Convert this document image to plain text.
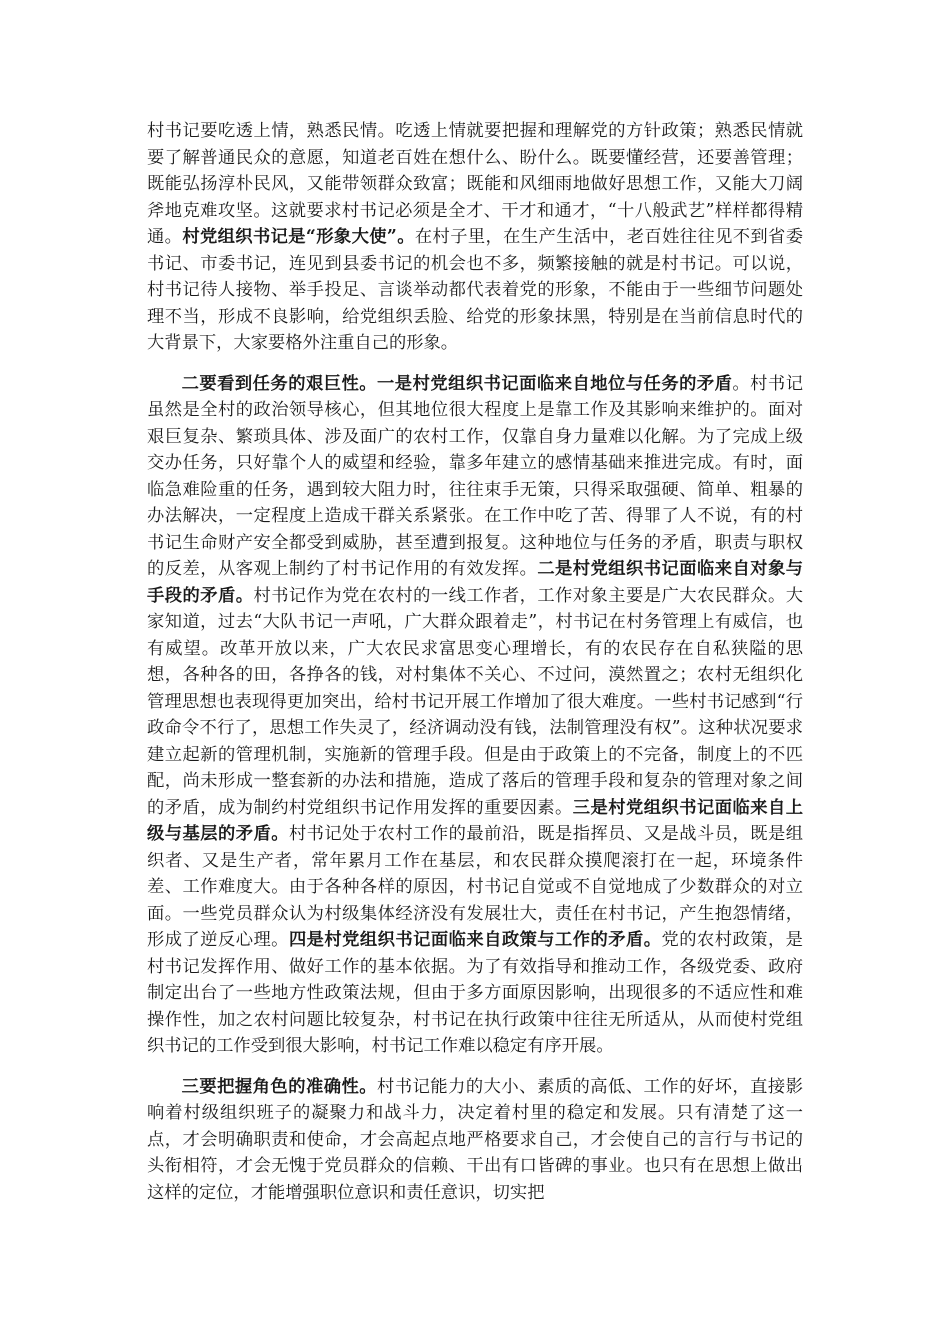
村书记要吃透上情，熟悉民情。吃透上情就要把握和理解党的方针政策；熟悉民情就要了解普通民众的意愿，知道老百姓在想什么、盼什么。既要懂经营，还要善管理；既能弘扬淳朴民风，又能带领群众致富；既能和风细雨地做好思想工作，又能大刀阔斧地克难攻坚。这就要求村书记必须是全才、干才和通才，“十八般武艺”样样都得精通。村党组织书记是“形象大使”。在村子里，在生产生活中，老百姓往往见不到省委书记、市委书记，连见到县委书记的机会也不多，频繁接触的就是村书记。可以说，村书记待人接物、举手投足、言谈举动都代表着党的形象，不能由于一些细节问题处理不当，形成不良影响，给党组织丢脸、给党的形象抹黑，特别是在当前信息时代的大背景下，大家要格外注重自己的形象。

二要看到任务的艰巨性。一是村党组织书记面临来自地位与任务的矛盾。村书记虽然是全村的政治领导核心，但其地位很大程度上是靠工作及其影响来维护的。面对艰巨复杂、繁琐具体、涉及面广的农村工作，仅靠自身力量难以化解。为了完成上级交办任务，只好靠个人的威望和经验，靠多年建立的感情基础来推进完成。有时，面临急难险重的任务，遇到较大阻力时，往往束手无策，只得采取强硬、简单、粗暴的办法解决，一定程度上造成干群关系紧张。在工作中吃了苦、得罪了人不说，有的村书记生命财产安全都受到威胁，甚至遭到报复。这种地位与任务的矛盾，职责与职权的反差，从客观上制约了村书记作用的有效发挥。二是村党组织书记面临来自对象与手段的矛盾。村书记作为党在农村的一线工作者，工作对象主要是广大农民群众。大家知道，过去“大队书记一声吼，广大群众跟着走”，村书记在村务管理上有威信，也有威望。改革开放以来，广大农民求富思变心理增长，有的农民存在自私狭隘的思想，各种各的田，各挣各的钱，对村集体不关心、不过问，漠然置之；农村无组织化管理思想也表现得更加突出，给村书记开展工作增加了很大难度。一些村书记感到“行政命令不行了，思想工作失灵了，经济调动没有钱，法制管理没有权”。这种状况要求建立起新的管理机制，实施新的管理手段。但是由于政策上的不完备，制度上的不匹配，尚未形成一整套新的办法和措施，造成了落后的管理手段和复杂的管理对象之间的矛盾，成为制约村党组织书记作用发挥的重要因素。三是村党组织书记面临来自上级与基层的矛盾。村书记处于农村工作的最前沿，既是指挥员、又是战斗员，既是组织者、又是生产者，常年累月工作在基层，和农民群众摸爬滚打在一起，环境条件差、工作难度大。由于各种各样的原因，村书记自觉或不自觉地成了少数群众的对立面。一些党员群众认为村级集体经济没有发展壮大，责任在村书记，产生抱怨情绪，形成了逆反心理。四是村党组织书记面临来自政策与工作的矛盾。党的农村政策，是村书记发挥作用、做好工作的基本依据。为了有效指导和推动工作，各级党委、政府制定出台了一些地方性政策法规，但由于多方面原因影响，出现很多的不适应性和难操作性，加之农村问题比较复杂，村书记在执行政策中往往无所适从，从而使村党组织书记的工作受到很大影响，村书记工作难以稳定有序开展。

三要把握角色的准确性。村书记能力的大小、素质的高低、工作的好坏，直接影响着村级组织班子的凝聚力和战斗力，决定着村里的稳定和发展。只有清楚了这一点，才会明确职责和使命，才会高起点地严格要求自己，才会使自己的言行与书记的头衔相符，才会无愧于党员群众的信赖、干出有口皆碑的事业。也只有在思想上做出这样的定位，才能增强职位意识和责任意识，切实把
